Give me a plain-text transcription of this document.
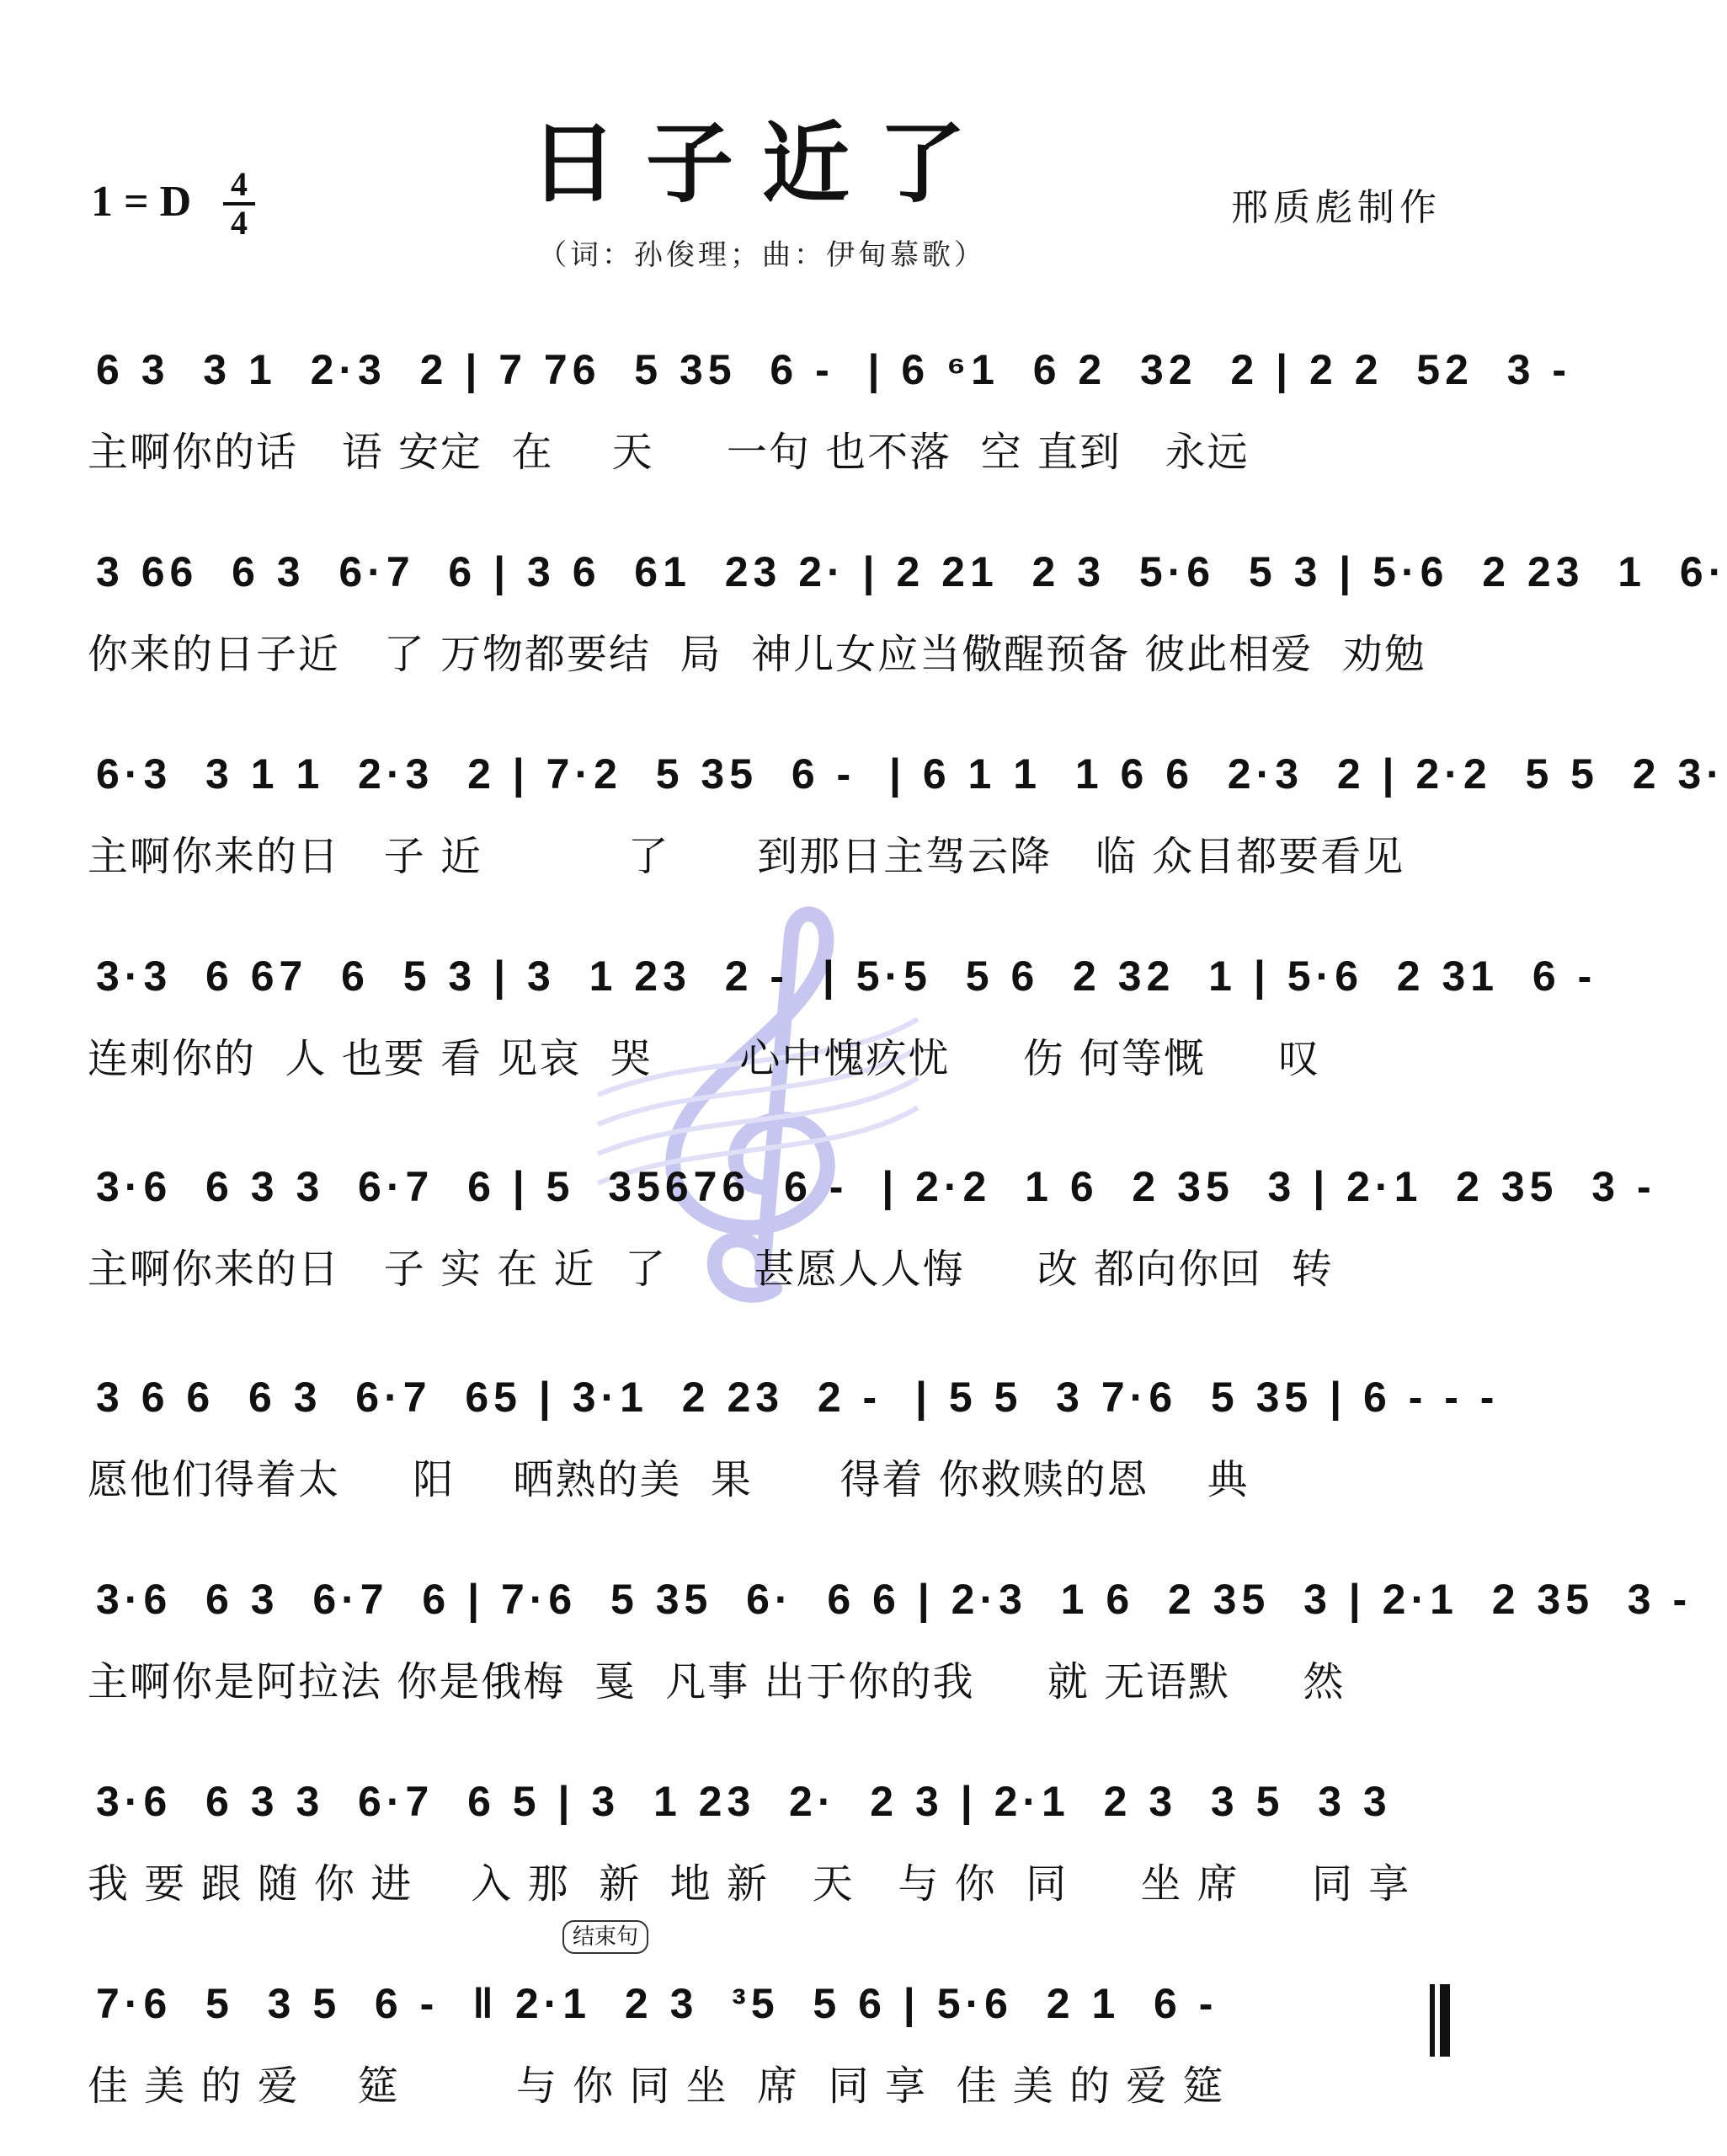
日子近了
1 = D 4
4	邢质彪制作
（词：孙俊理；曲：伊甸慕歌）
6 3  3 1  2·3  2 | 7 76  5 35  6 -  | 6 ⁶1  6 2  32  2 | 2 2  52  3 -
主啊你的话   语 安定  在    天     一句 也不落  空 直到   永远
3 66  6 3  6·7  6 | 3 6  61  23 2· | 2 21  2 3  5·6  5 3 | 5·6  2 23  1  6·
你来的日子近   了 万物都要结  局  神儿女应当儆醒预备 彼此相爱  劝勉
6·3  3 1 1  2·3  2 | 7·2  5 35  6 -  | 6 1 1  1 6 6  2·3  2 | 2·2  5 5  2 3·
主啊你来的日   子 近          了      到那日主驾云降   临 众目都要看见
3·3  6 67  6  5 3 | 3  1 23  2 -  | 5·5  5 6  2 32  1 | 5·6  2 31  6 -
连刺你的  人 也要 看 见哀  哭      心中愧疚忧     伤 何等慨     叹
3·6  6 3 3  6·7  6 | 5  35676  6 -  | 2·2  1 6  2 35  3 | 2·1  2 35  3 -
主啊你来的日   子 实 在 近  了      甚愿人人悔     改 都向你回  转
3 6 6  6 3  6·7  65 | 3·1  2 23  2 -  | 5 5  3 7·6  5 35 | 6 - - -
愿他们得着太     阳    晒熟的美  果      得着 你救赎的恩    典
3·6  6 3  6·7  6 | 7·6  5 35  6·  6 6 | 2·3  1 6  2 35  3 | 2·1  2 35  3 -
主啊你是阿拉法 你是俄梅  戛  凡事 出于你的我     就 无语默     然
3·6  6 3 3  6·7  6 5 | 3  1 23  2·  2 3 | 2·1  2 3  3 5  3 3
我 要 跟 随 你 进    入 那  新  地 新   天   与 你  同     坐 席     同 享
结束句
7·6  5  3 5  6 -  ‖ 2·1  2 3  ³5  5 6 | 5·6  2 1  6 -
佳 美 的 爱    筵        与 你 同 坐  席  同 享  佳 美 的 爱 筵
